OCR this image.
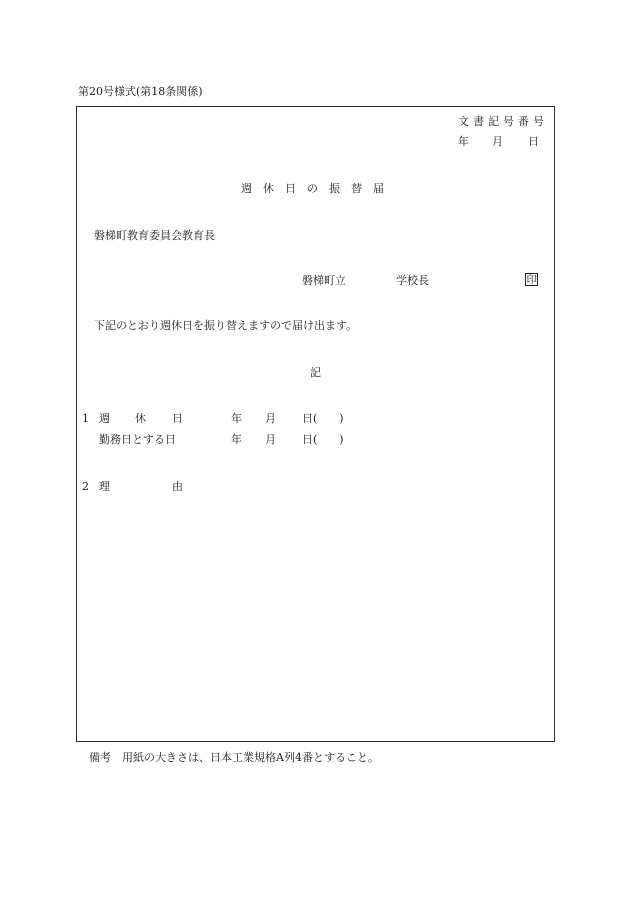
第20号様式(第18条関係)
文書記号番号
年 月 日
週休日の振替届
磐梯町教育委員会教育長
磐梯町立	学校長	印
下記のとおり週休日を振り替えますので届け出ます。
記
1 週 休 日	年 月 日(　　)
勤務日とする日	年 月 日(　　)
2 理	由
備考　用紙の大きさは、日本工業規格A列4番とすること。
